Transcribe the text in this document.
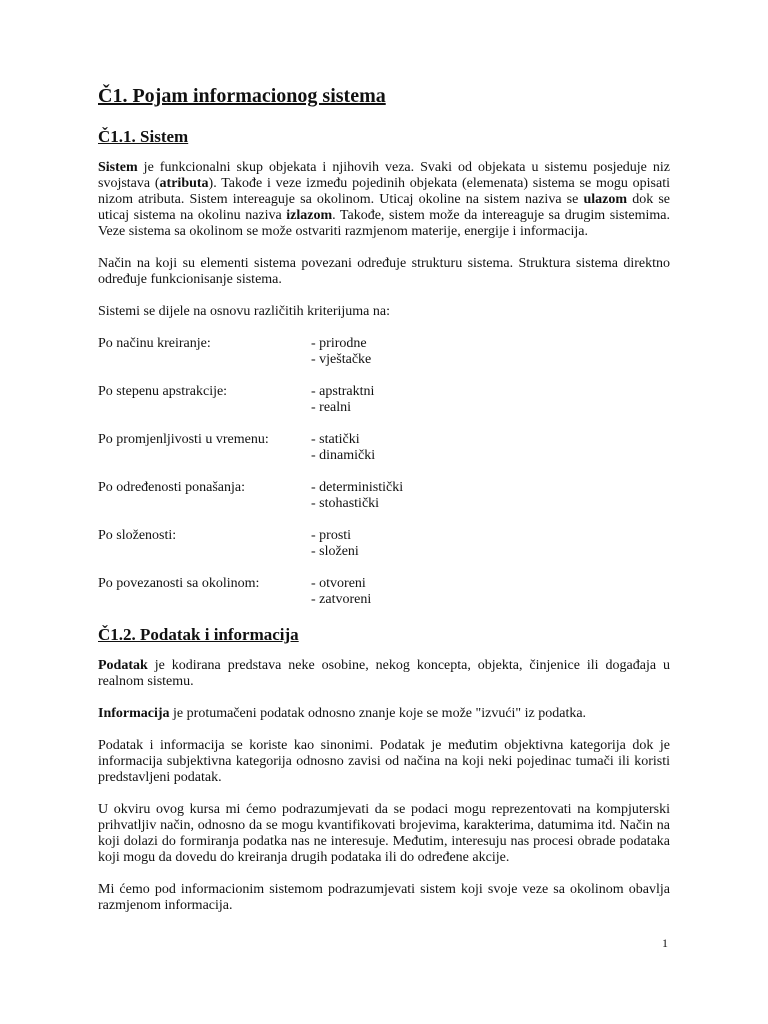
Č1. Pojam informacionog sistema
Č1.1. Sistem

Sistem je funkcionalni skup objekata i njihovih veza. Svaki od objekata u sistemu posjeduje niz svojstava (atributa). Takođe i veze između pojedinih objekata (elemenata) sistema se mogu opisati nizom atributa. Sistem intereaguje sa okolinom. Uticaj okoline na sistem naziva se ulazom dok se uticaj sistema na okolinu naziva izlazom. Takođe, sistem može da intereaguje sa drugim sistemima. Veze sistema sa okolinom se može ostvariti razmjenom materije, energije i informacija.

Način na koji su elementi sistema povezani određuje strukturu sistema. Struktura sistema direktno određuje funkcionisanje sistema.

Sistemi se dijele na osnovu različitih kriterijuma na:

Po načinu kreiranje:	- prirodne
- vještačke
Po stepenu apstrakcije:	- apstraktni
- realni
Po promjenljivosti u vremenu:	- statički
- dinamički
Po određenosti ponašanja:	- deterministički
- stohastički
Po složenosti:	- prosti
- složeni
Po povezanosti sa okolinom:	- otvoreni
- zatvoreni
Č1.2. Podatak i informacija

Podatak je kodirana predstava neke osobine, nekog koncepta, objekta, činjenice ili događaja u realnom sistemu.

Informacija je protumačeni podatak odnosno znanje koje se može "izvući" iz podatka.

Podatak i informacija se koriste kao sinonimi. Podatak je međutim objektivna kategorija dok je informacija subjektivna kategorija odnosno zavisi od načina na koji neki pojedinac tumači ili koristi predstavljeni podatak.

U okviru ovog kursa mi ćemo podrazumjevati da se podaci mogu reprezentovati na kompjuterski prihvatljiv način, odnosno da se mogu kvantifikovati brojevima, karakterima, datumima itd. Način na koji dolazi do formiranja podatka nas ne interesuje. Međutim, interesuju nas procesi obrade podataka koji mogu da dovedu do kreiranja drugih podataka ili do određene akcije.

Mi ćemo pod informacionim sistemom podrazumjevati sistem koji svoje veze sa okolinom obavlja razmjenom informacija.

1
